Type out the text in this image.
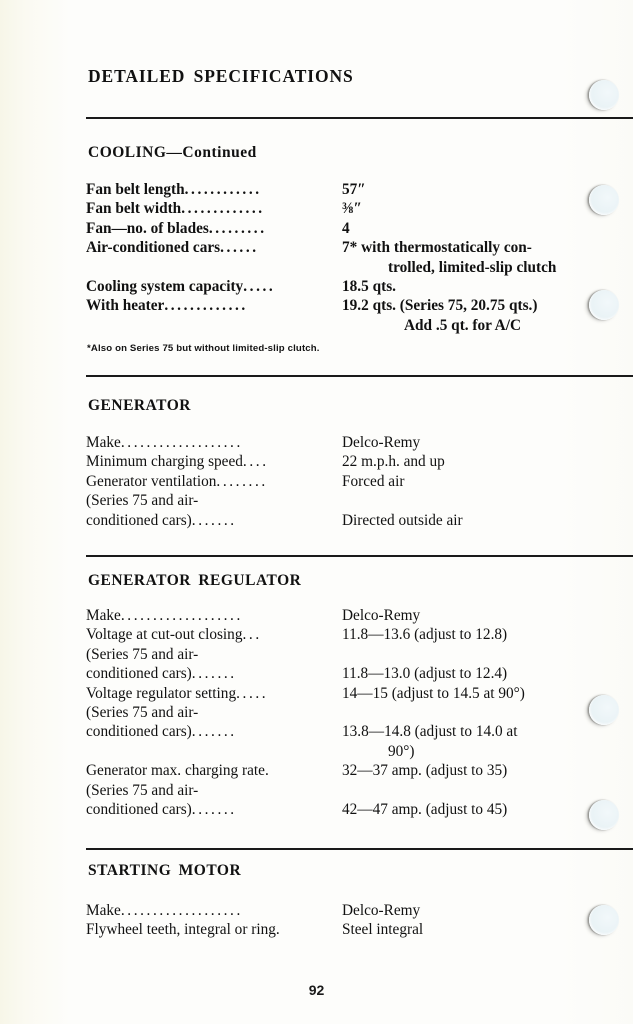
DETAILED SPECIFICATIONS
COOLING—Continued
Fan belt length............	57″
Fan belt width.............	⅜″
Fan—no. of blades.........	4
Air-conditioned cars......	7* with thermostatically con-
trolled, limited-slip clutch

Cooling system capacity.....	18.5 qts.
With heater.............	19.2 qts. (Series 75, 20.75 qts.)
Add .5 qt. for A/C
*Also on Series 75 but without limited-slip clutch.
GENERATOR
Make...................	Delco-Remy
Minimum charging speed....	22 m.p.h. and up
Generator ventilation........	Forced air
(Series 75 and air-	
conditioned cars).......	Directed outside air
GENERATOR REGULATOR
Make...................	Delco-Remy
Voltage at cut-out closing...	11.8—13.6 (adjust to 12.8)
(Series 75 and air-	
conditioned cars).......	11.8—13.0 (adjust to 12.4)
Voltage regulator setting.....	14—15 (adjust to 14.5 at 90°)
(Series 75 and air-	
conditioned cars).......	13.8—14.8 (adjust to 14.0 at
90°)

Generator max. charging rate.	32—37 amp. (adjust to 35)
(Series 75 and air-	
conditioned cars).......	42—47 amp. (adjust to 45)
STARTING MOTOR
Make...................	Delco-Remy
Flywheel teeth, integral or ring.	Steel integral
92
